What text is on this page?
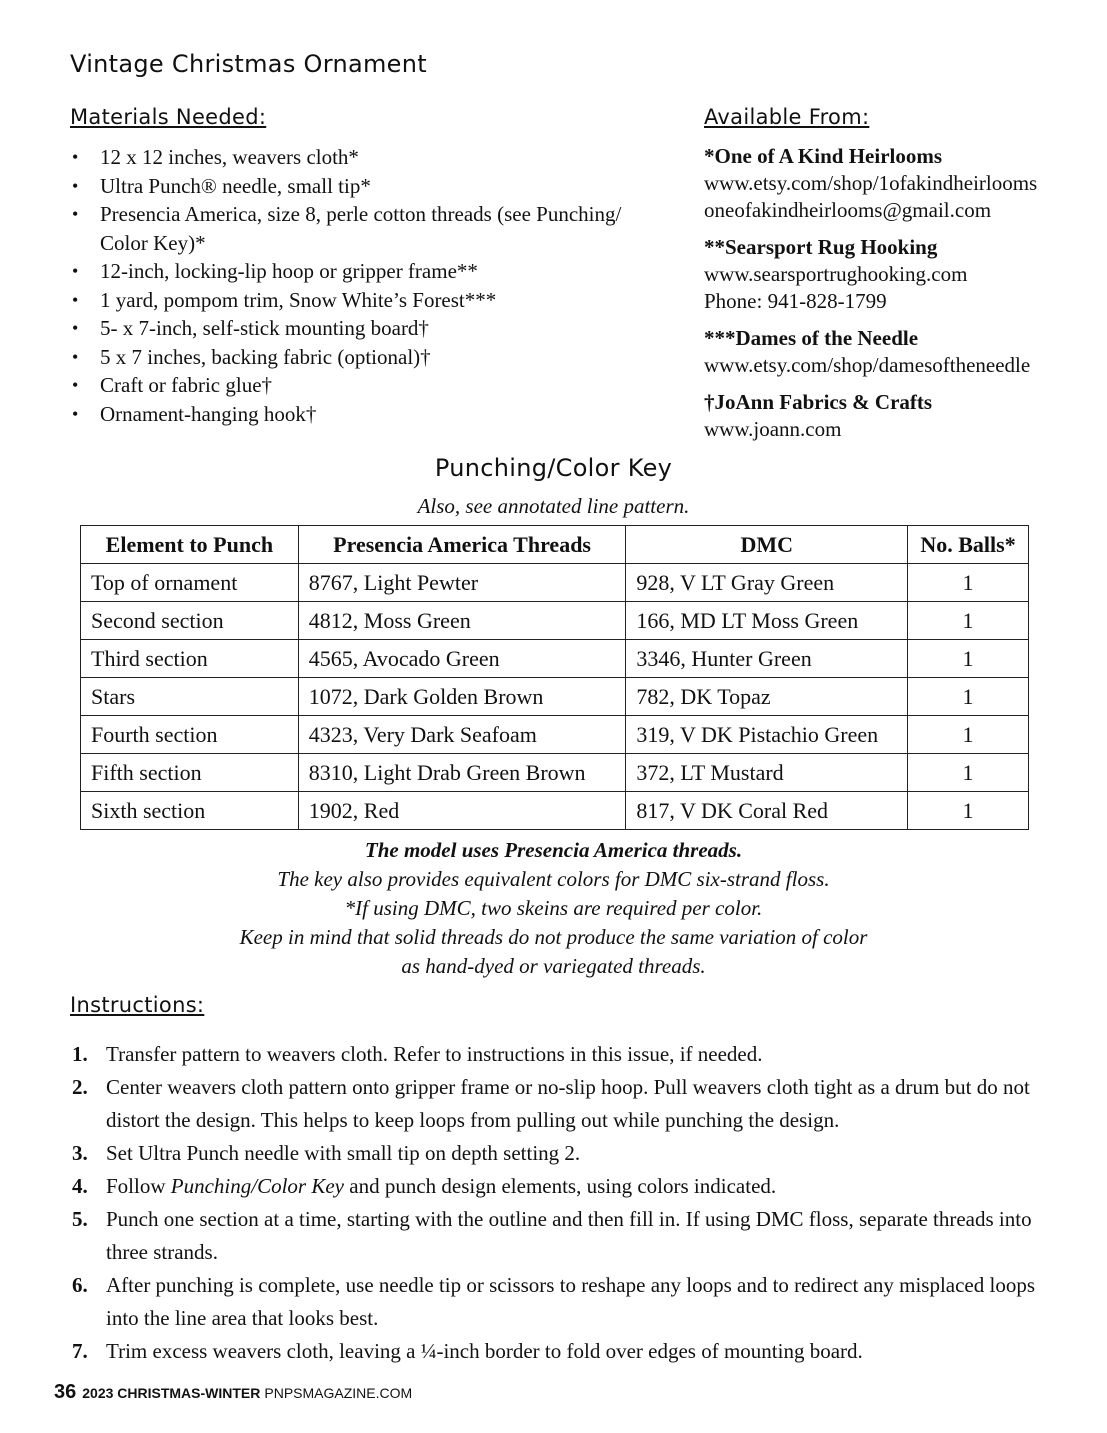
Vintage Christmas Ornament
Materials Needed:
• 12 x 12 inches, weavers cloth*
• Ultra Punch® needle, small tip*
• Presencia America, size 8, perle cotton threads (see Punching/ Color Key)*
• 12-inch, locking-lip hoop or gripper frame**
• 1 yard, pompom trim, Snow White’s Forest***
• 5- x 7-inch, self-stick mounting board†
• 5 x 7 inches, backing fabric (optional)†
• Craft or fabric glue†
• Ornament-hanging hook†
Available From:
*One of A Kind Heirlooms
www.etsy.com/shop/1ofakindheirlooms
oneofakindheirlooms@gmail.com
**Searsport Rug Hooking
www.searsportrughooking.com
Phone: 941-828-1799
***Dames of the Needle
www.etsy.com/shop/damesoftheneedle
†JoAnn Fabrics & Crafts
www.joann.com
Punching/Color Key
Also, see annotated line pattern.
Element to Punch	Presencia America Threads	DMC	No. Balls*
Top of ornament	8767, Light Pewter	928, V LT Gray Green	1
Second section	4812, Moss Green	166, MD LT Moss Green	1
Third section	4565, Avocado Green	3346, Hunter Green	1
Stars	1072, Dark Golden Brown	782, DK Topaz	1
Fourth section	4323, Very Dark Seafoam	319, V DK Pistachio Green	1
Fifth section	8310, Light Drab Green Brown	372, LT Mustard	1
Sixth section	1902, Red	817, V DK Coral Red	1
The model uses Presencia America threads.
The key also provides equivalent colors for DMC six-strand floss.
*If using DMC, two skeins are required per color.
Keep in mind that solid threads do not produce the same variation of color
as hand-dyed or variegated threads.
Instructions:
1. Transfer pattern to weavers cloth. Refer to instructions in this issue, if needed.
2. Center weavers cloth pattern onto gripper frame or no-slip hoop. Pull weavers cloth tight as a drum but do not distort the design. This helps to keep loops from pulling out while punching the design.
3. Set Ultra Punch needle with small tip on depth setting 2.
4. Follow Punching/Color Key and punch design elements, using colors indicated.
5. Punch one section at a time, starting with the outline and then fill in. If using DMC floss, separate threads into three strands.
6. After punching is complete, use needle tip or scissors to reshape any loops and to redirect any misplaced loops into the line area that looks best.
7. Trim excess weavers cloth, leaving a ¼-inch border to fold over edges of mounting board.
36 2023 CHRISTMAS-WINTER PNPSMAGAZINE.COM
